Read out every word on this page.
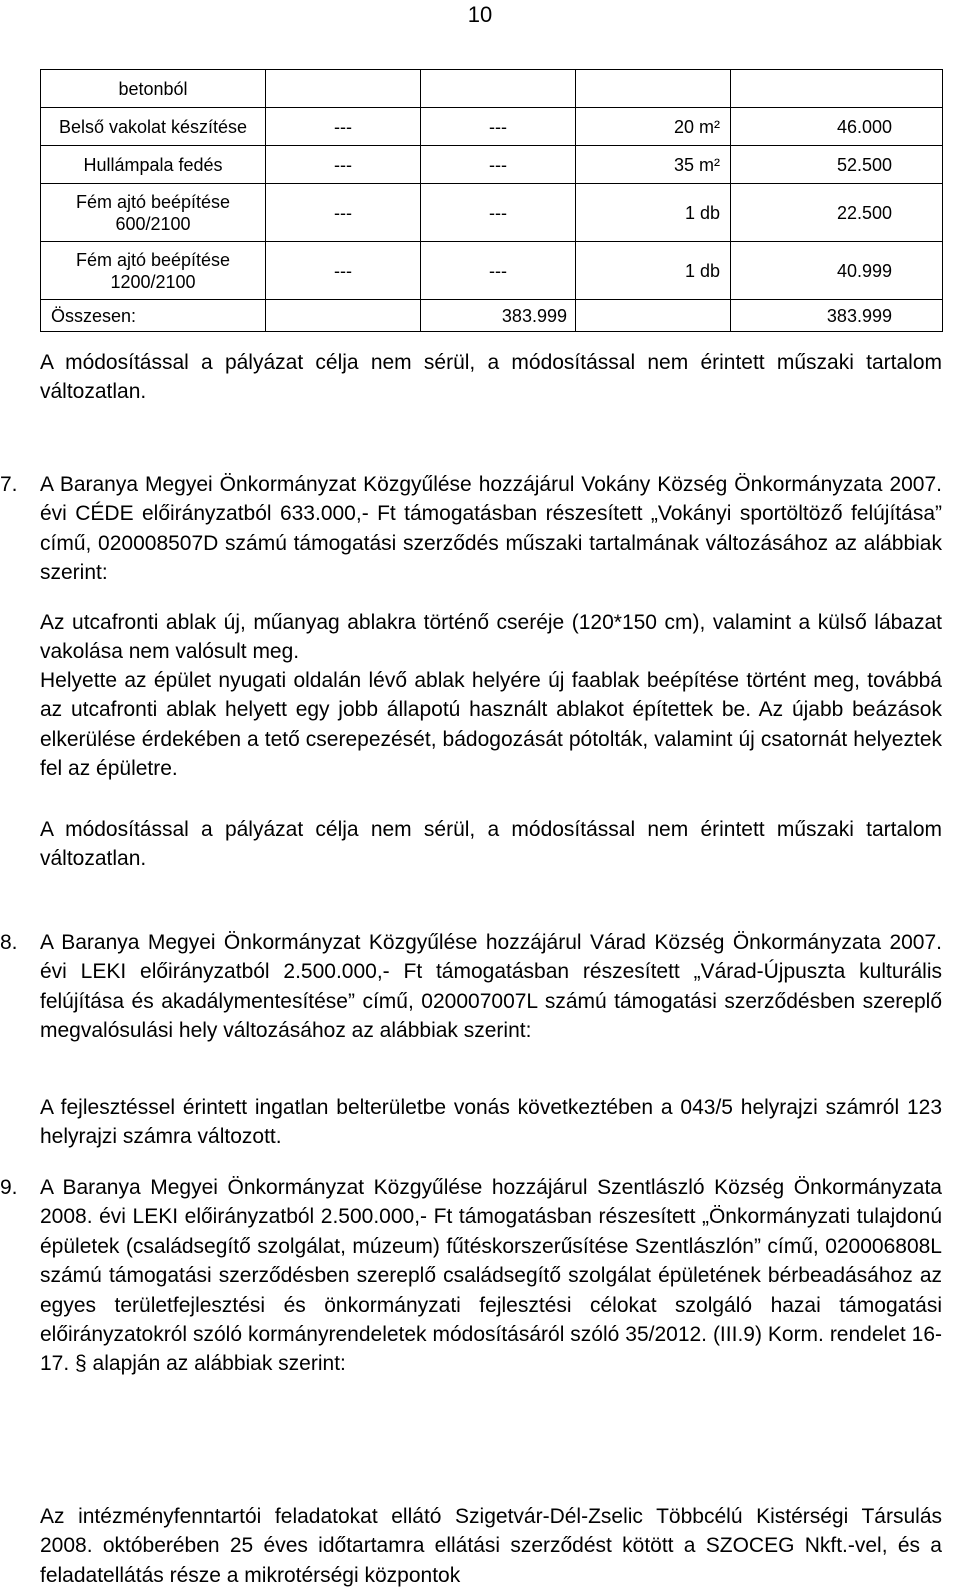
10
betonból				
Belső vakolat készítése	---	---	20 m²	46.000
Hullámpala fedés	---	---	35 m²	52.500
Fém ajtó beépítése 600/2100	---	---	1 db	22.500
Fém ajtó beépítése 1200/2100	---	---	1 db	40.999
Összesen:		383.999		383.999

A módosítással a pályázat célja nem sérül, a módosítással nem érintett műszaki tartalom változatlan.

7. A Baranya Megyei Önkormányzat Közgyűlése hozzájárul Vokány Község Önkormányzata 2007. évi CÉDE előirányzatból 633.000,- Ft támogatásban részesített „Vokányi sportöltöző felújítása” című, 020008507D számú támogatási szerződés műszaki tartalmának változásához az alábbiak szerint:

Az utcafronti ablak új, műanyag ablakra történő cseréje (120*150 cm), valamint a külső lábazat vakolása nem valósult meg.

Helyette az épület nyugati oldalán lévő ablak helyére új faablak beépítése történt meg, továbbá az utcafronti ablak helyett egy jobb állapotú használt ablakot építettek be. Az újabb beázások elkerülése érdekében a tető cserepezését, bádogozását pótolták, valamint új csatornát helyeztek fel az épületre.

A módosítással a pályázat célja nem sérül, a módosítással nem érintett műszaki tartalom változatlan.

8. A Baranya Megyei Önkormányzat Közgyűlése hozzájárul Várad Község Önkormányzata 2007. évi LEKI előirányzatból 2.500.000,- Ft támogatásban részesített „Várad-Újpuszta kulturális felújítása és akadálymentesítése” című, 020007007L számú támogatási szerződésben szereplő megvalósulási hely változásához az alábbiak szerint:

A fejlesztéssel érintett ingatlan belterületbe vonás következtében a 043/5 helyrajzi számról 123 helyrajzi számra változott.

9. A Baranya Megyei Önkormányzat Közgyűlése hozzájárul Szentlászló Község Önkormányzata 2008. évi LEKI előirányzatból 2.500.000,- Ft támogatásban részesített „Önkormányzati tulajdonú épületek (családsegítő szolgálat, múzeum) fűtéskorszerűsítése Szentlászlón” című, 020006808L számú támogatási szerződésben szereplő családsegítő szolgálat épületének bérbeadásához az egyes területfejlesztési és önkormányzati fejlesztési célokat szolgáló hazai támogatási előirányzatokról szóló kormányrendeletek módosításáról szóló 35/2012. (III.9) Korm. rendelet 16-17. § alapján az alábbiak szerint:

Az intézményfenntartói feladatokat ellátó Szigetvár-Dél-Zselic Többcélú Kistérségi Társulás 2008. októberében 25 éves időtartamra ellátási szerződést kötött a SZOCEG Nkft.-vel, és a feladatellátás része a mikrotérségi központok
